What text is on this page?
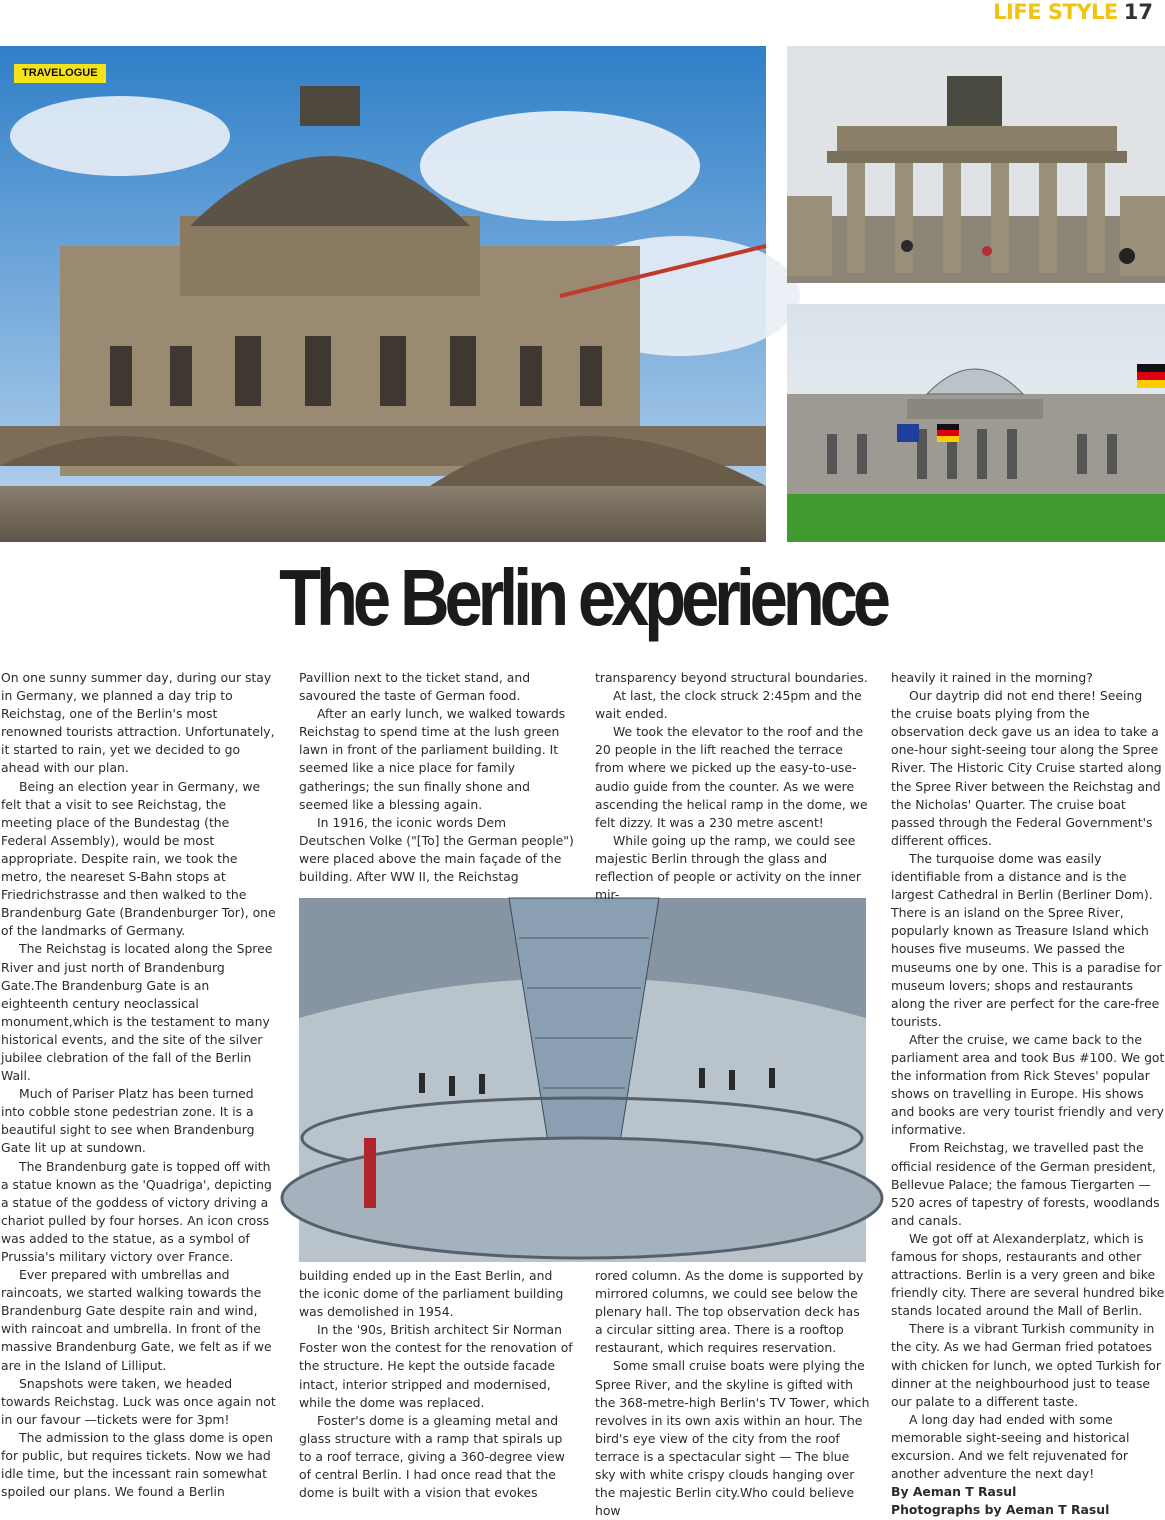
LIFE STYLE 17
TRAVELOGUE
The Berlin experience

On one sunny summer day, during our stay in Germany, we planned a day trip to Reichstag, one of the Berlin's most renowned tourists attraction. Unfortunately, it started to rain, yet we decided to go ahead with our plan.

Being an election year in Germany, we felt that a visit to see Reichstag, the meeting place of the Bundestag (the Federal Assembly), would be most appropriate. Despite rain, we took the metro, the neareset S-Bahn stops at Friedrichstrasse and then walked to the Brandenburg Gate (Brandenburger Tor), one of the landmarks of Germany.

The Reichstag is located along the Spree River and just north of Brandenburg Gate.The Brandenburg Gate is an eighteenth century neoclassical monument,which is the testament to many historical events, and the site of the silver jubilee clebration of the fall of the Berlin Wall.

Much of Pariser Platz has been turned into cobble stone pedestrian zone. It is a beautiful sight to see when Brandenburg Gate lit up at sundown.

The Brandenburg gate is topped off with a statue known as the 'Quadriga', depicting a statue of the goddess of victory driving a chariot pulled by four horses. An icon cross was added to the statue, as a symbol of Prussia's military victory over France.

Ever prepared with umbrellas and raincoats, we started walking towards the Brandenburg Gate despite rain and wind, with raincoat and umbrella. In front of the massive Brandenburg Gate, we felt as if we are in the Island of Lilliput.

Snapshots were taken, we headed towards Reichstag. Luck was once again not in our favour —tickets were for 3pm!

The admission to the glass dome is open for public, but requires tickets. Now we had idle time, but the incessant rain somewhat spoiled our plans. We found a Berlin

Pavillion next to the ticket stand, and savoured the taste of German food.

After an early lunch, we walked towards Reichstag to spend time at the lush green lawn in front of the parliament building. It seemed like a nice place for family gatherings; the sun finally shone and seemed like a blessing again.

In 1916, the iconic words Dem Deutschen Volke ("[To] the German people") were placed above the main façade of the building. After WW II, the Reichstag

transparency beyond structural boundaries.

At last, the clock struck 2:45pm and the wait ended.

We took the elevator to the roof and the 20 people in the lift reached the terrace from where we picked up the easy-to-use-audio guide from the counter. As we were ascending the helical ramp in the dome, we felt dizzy. It was a 230 metre ascent!

While going up the ramp, we could see majestic Berlin through the glass and reflection of people or activity on the inner mir-

building ended up in the East Berlin, and the iconic dome of the parliament building was demolished in 1954.

In the '90s, British architect Sir Norman Foster won the contest for the renovation of the structure. He kept the outside facade intact, interior stripped and modernised, while the dome was replaced.

Foster's dome is a gleaming metal and glass structure with a ramp that spirals up to a roof terrace, giving a 360-degree view of central Berlin. I had once read that the dome is built with a vision that evokes

rored column. As the dome is supported by mirrored columns, we could see below the plenary hall. The top observation deck has a circular sitting area. There is a rooftop restaurant, which requires reservation.

Some small cruise boats were plying the Spree River, and the skyline is gifted with the 368-metre-high Berlin's TV Tower, which revolves in its own axis within an hour. The bird's eye view of the city from the roof terrace is a spectacular sight — The blue sky with white crispy clouds hanging over the majestic Berlin city.Who could believe how

heavily it rained in the morning?

Our daytrip did not end there! Seeing the cruise boats plying from the observation deck gave us an idea to take a one-hour sight-seeing tour along the Spree River. The Historic City Cruise started along the Spree River between the Reichstag and the Nicholas' Quarter. The cruise boat passed through the Federal Government's different offices.

The turquoise dome was easily identifiable from a distance and is the largest Cathedral in Berlin (Berliner Dom). There is an island on the Spree River, popularly known as Treasure Island which houses five museums. We passed the museums one by one. This is a paradise for museum lovers; shops and restaurants along the river are perfect for the care-free tourists.

After the cruise, we came back to the parliament area and took Bus #100. We got the information from Rick Steves' popular shows on travelling in Europe. His shows and books are very tourist friendly and very informative.

From Reichstag, we travelled past the official residence of the German president, Bellevue Palace; the famous Tiergarten — 520 acres of tapestry of forests, woodlands and canals.

We got off at Alexanderplatz, which is famous for shops, restaurants and other attractions. Berlin is a very green and bike friendly city. There are several hundred bike stands located around the Mall of Berlin.

There is a vibrant Turkish community in the city. As we had German fried potatoes with chicken for lunch, we opted Turkish for dinner at the neighbourhood just to tease our palate to a different taste.

A long day had ended with some memorable sight-seeing and historical excursion. And we felt rejuvenated for another adventure the next day!

By Aeman T Rasul

Photographs by Aeman T Rasul
